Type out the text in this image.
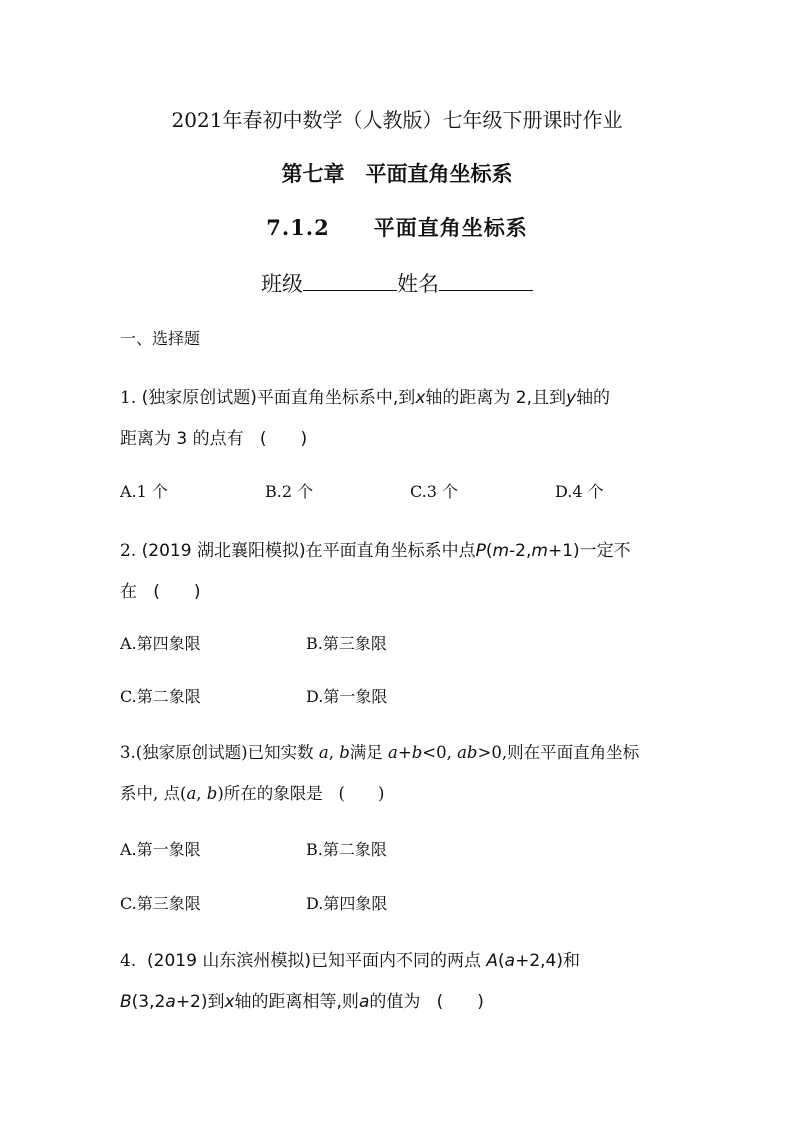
2021年春初中数学（人教版）七年级下册课时作业
第七章　平面直角坐标系
7.1.2 平面直角坐标系
班级	姓名
一、选择题
1. (独家原创试题)平面直角坐标系中,到x轴的距离为 2,且到y轴的
距离为 3 的点有 (　　)
A.1 个	B.2 个	C.3 个	D.4 个
2. (2019 湖北襄阳模拟)在平面直角坐标系中点P(m-2,m+1)一定不
在 (　　)
A.第四象限	B.第三象限
C.第二象限	D.第一象限
3.(独家原创试题)已知实数 a, b满足 a+b<0, ab>0,则在平面直角坐标
系中, 点(a, b)所在的象限是 (　　)
A.第一象限	B.第二象限
C.第三象限	D.第四象限
4. (2019 山东滨州模拟)已知平面内不同的两点 A(a+2,4)和
B(3,2a+2)到x轴的距离相等,则a的值为 (　　)
